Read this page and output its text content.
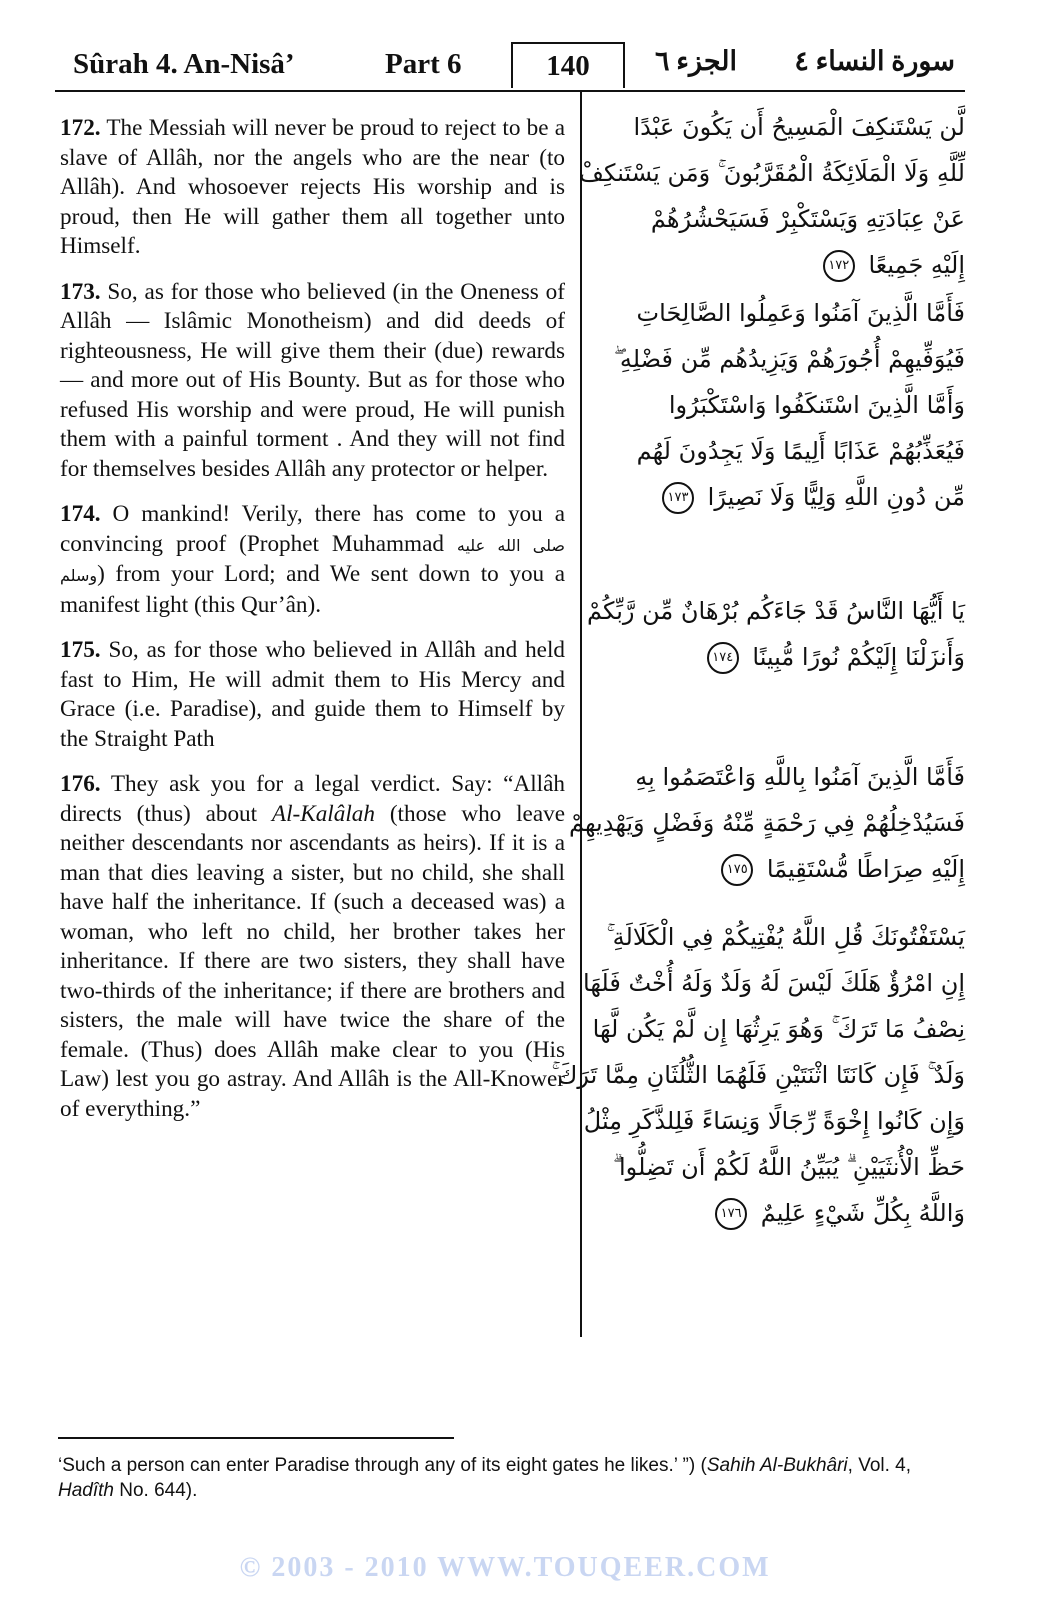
Sûrah 4. An-Nisâ’	Part 6	140	الجزء ٦ سورة النساء ٤

172. The Messiah will never be proud to reject to be a slave of Allâh, nor the angels who are the near (to Allâh). And whosoever rejects His worship and is proud, then He will gather them all together unto Himself.

173. So, as for those who believed (in the Oneness of Allâh — Islâmic Monotheism) and did deeds of righteousness, He will give them their (due) rewards — and more out of His Bounty. But as for those who refused His worship and were proud, He will punish them with a painful torment . And they will not find for themselves besides Allâh any protector or helper.

174. O mankind! Verily, there has come to you a convincing proof (Prophet Muhammad صلى الله عليه وسلم) from your Lord; and We sent down to you a manifest light (this Qur’ân).

175. So, as for those who believed in Allâh and held fast to Him, He will admit them to His Mercy and Grace (i.e. Paradise), and guide them to Himself by the Straight Path

176. They ask you for a legal verdict. Say: “Allâh directs (thus) about Al-Kalâlah (those who leave neither descendants nor ascendants as heirs). If it is a man that dies leaving a sister, but no child, she shall have half the inheritance. If (such a deceased was) a woman, who left no child, her brother takes her inheritance. If there are two sisters, they shall have two-thirds of the inheritance; if there are brothers and sisters, the male will have twice the share of the female. (Thus) does Allâh make clear to you (His Law) lest you go astray. And Allâh is the All-Knower of everything.”

لَّن يَسْتَنكِفَ الْمَسِيحُ أَن يَكُونَ عَبْدًا
لِّلَّهِ وَلَا الْمَلَائِكَةُ الْمُقَرَّبُونَ ۚ وَمَن يَسْتَنكِفْ
عَنْ عِبَادَتِهِ وَيَسْتَكْبِرْ فَسَيَحْشُرُهُمْ
إِلَيْهِ جَمِيعًا ١٧٢
فَأَمَّا الَّذِينَ آمَنُوا وَعَمِلُوا الصَّالِحَاتِ
فَيُوَفِّيهِمْ أُجُورَهُمْ وَيَزِيدُهُم مِّن فَضْلِهِ ۖ
وَأَمَّا الَّذِينَ اسْتَنكَفُوا وَاسْتَكْبَرُوا
فَيُعَذِّبُهُمْ عَذَابًا أَلِيمًا وَلَا يَجِدُونَ لَهُم
مِّن دُونِ اللَّهِ وَلِيًّا وَلَا نَصِيرًا ١٧٣
يَا أَيُّهَا النَّاسُ قَدْ جَاءَكُم بُرْهَانٌ مِّن رَّبِّكُمْ
وَأَنزَلْنَا إِلَيْكُمْ نُورًا مُّبِينًا ١٧٤
فَأَمَّا الَّذِينَ آمَنُوا بِاللَّهِ وَاعْتَصَمُوا بِهِ
فَسَيُدْخِلُهُمْ فِي رَحْمَةٍ مِّنْهُ وَفَضْلٍ وَيَهْدِيهِمْ
إِلَيْهِ صِرَاطًا مُّسْتَقِيمًا ١٧٥
يَسْتَفْتُونَكَ قُلِ اللَّهُ يُفْتِيكُمْ فِي الْكَلَالَةِ ۚ
إِنِ امْرُؤٌ هَلَكَ لَيْسَ لَهُ وَلَدٌ وَلَهُ أُخْتٌ فَلَهَا
نِصْفُ مَا تَرَكَ ۚ وَهُوَ يَرِثُهَا إِن لَّمْ يَكُن لَّهَا
وَلَدٌ ۚ فَإِن كَانَتَا اثْنَتَيْنِ فَلَهُمَا الثُّلُثَانِ مِمَّا تَرَكَ ۚ
وَإِن كَانُوا إِخْوَةً رِّجَالًا وَنِسَاءً فَلِلذَّكَرِ مِثْلُ
حَظِّ الْأُنثَيَيْنِ ۗ يُبَيِّنُ اللَّهُ لَكُمْ أَن تَضِلُّوا ۗ
وَاللَّهُ بِكُلِّ شَيْءٍ عَلِيمٌ ١٧٦
‘Such a person can enter Paradise through any of its eight gates he likes.’ ”) (Sahih Al-Bukhâri, Vol. 4, Hadîth No. 644).
© 2003 - 2010 WWW.TOUQEER.COM
